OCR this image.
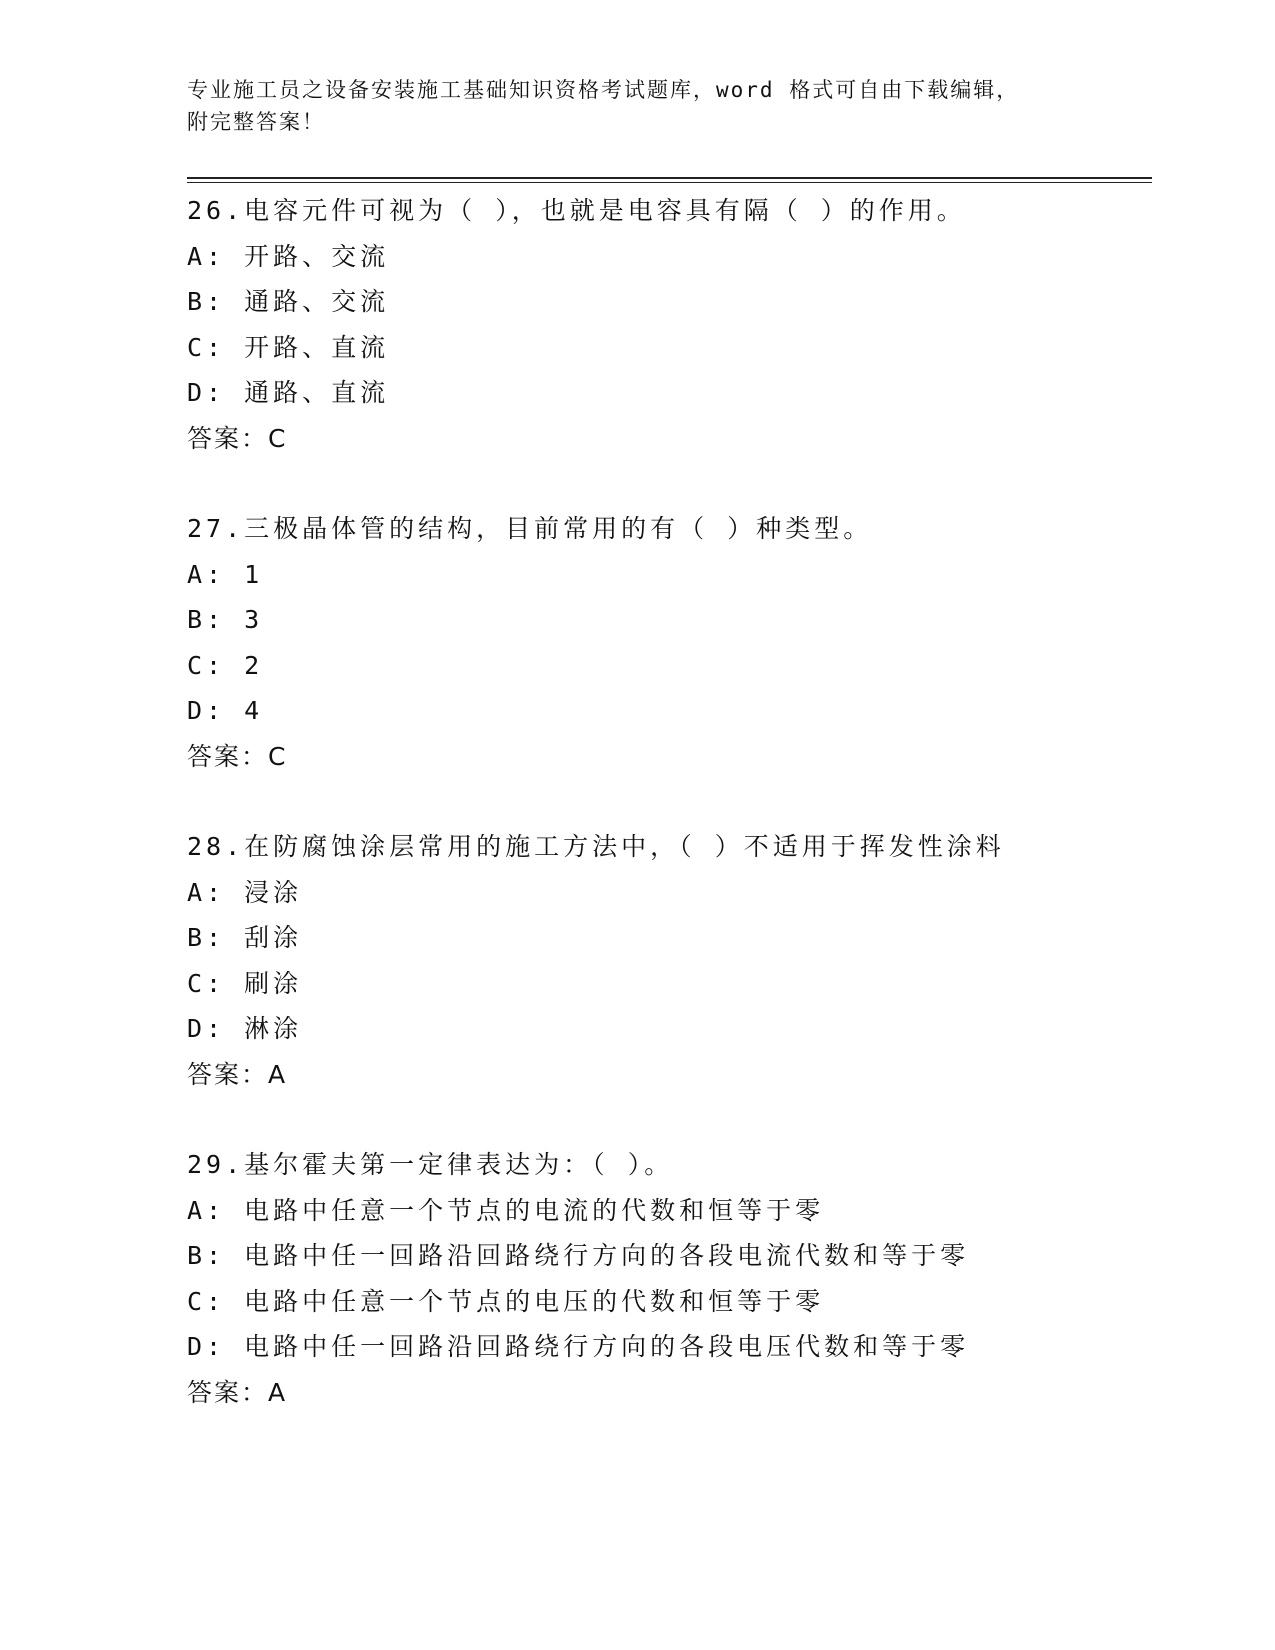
专业施工员之设备安装施工基础知识资格考试题库，word 格式可自由下载编辑，
附完整答案！
26.电容元件可视为（ ），也就是电容具有隔（ ）的作用。
A: 开路、交流
B: 通路、交流
C: 开路、直流
D: 通路、直流
答案：C
27.三极晶体管的结构，目前常用的有（ ）种类型。
A: 1
B: 3
C: 2
D: 4
答案：C
28.在防腐蚀涂层常用的施工方法中，（ ）不适用于挥发性涂料
A: 浸涂
B: 刮涂
C: 刷涂
D: 淋涂
答案：A
29.基尔霍夫第一定律表达为：（ ）。
A: 电路中任意一个节点的电流的代数和恒等于零
B: 电路中任一回路沿回路绕行方向的各段电流代数和等于零
C: 电路中任意一个节点的电压的代数和恒等于零
D: 电路中任一回路沿回路绕行方向的各段电压代数和等于零
答案：A
